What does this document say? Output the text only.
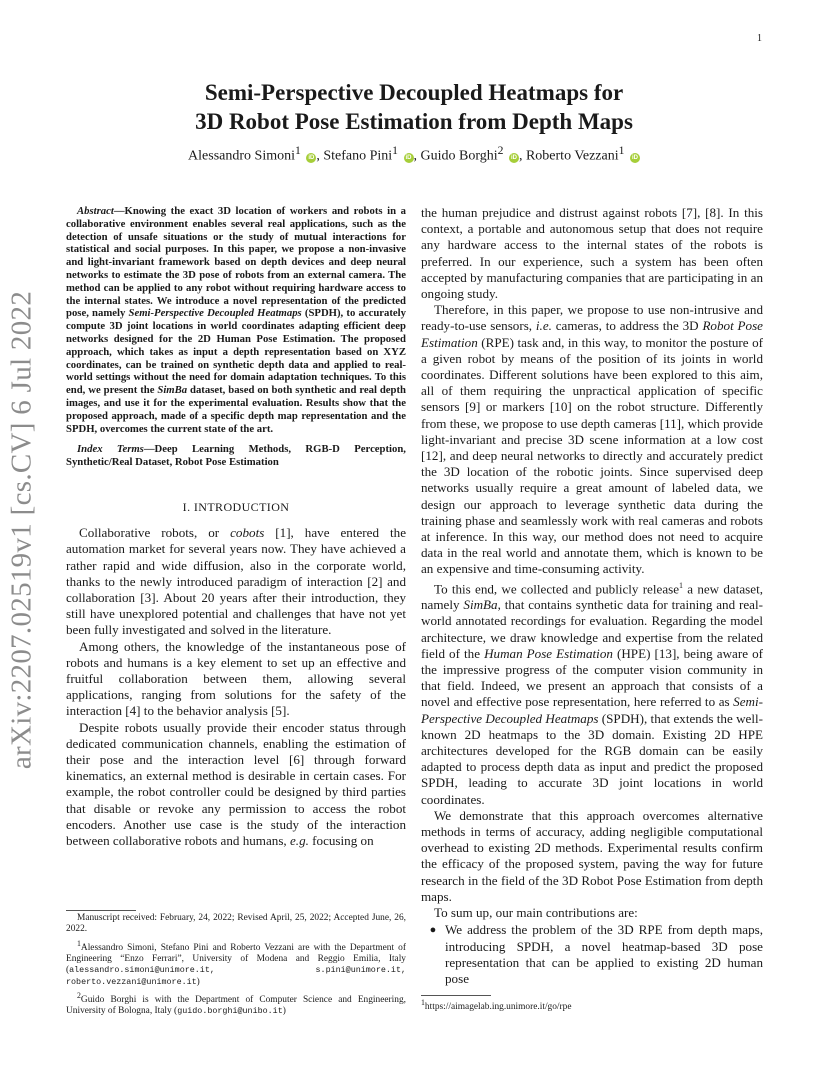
1
arXiv:2207.02519v1 [cs.CV] 6 Jul 2022
Semi-Perspective Decoupled Heatmaps for
3D Robot Pose Estimation from Depth Maps
Alessandro Simoni$^1$ iD , Stefano Pini$^1$ iD , Guido Borghi$^2$ iD , Roberto Vezzani$^1$ iD

Abstract—Knowing the exact 3D location of workers and robots in a collaborative environment enables several real applications, such as the detection of unsafe situations or the study of mutual interactions for statistical and social purposes. In this paper, we propose a non-invasive and light-invariant framework based on depth devices and deep neural networks to estimate the 3D pose of robots from an external camera. The method can be applied to any robot without requiring hardware access to the internal states. We introduce a novel representation of the predicted pose, namely Semi-Perspective Decoupled Heatmaps (SPDH), to accurately compute 3D joint locations in world coordinates adapting efficient deep networks designed for the 2D Human Pose Estimation. The proposed approach, which takes as input a depth representation based on XYZ coordinates, can be trained on synthetic depth data and applied to real-world settings without the need for domain adaptation techniques. To this end, we present the SimBa dataset, based on both synthetic and real depth images, and use it for the experimental evaluation. Results show that the proposed approach, made of a specific depth map representation and the SPDH, overcomes the current state of the art.

Index Terms—Deep Learning Methods, RGB-D Perception, Synthetic/Real Dataset, Robot Pose Estimation

I. INTRODUCTION

Collaborative robots, or cobots [1], have entered the automation market for several years now. They have achieved a rather rapid and wide diffusion, also in the corporate world, thanks to the newly introduced paradigm of interaction [2] and collaboration [3]. About 20 years after their introduction, they still have unexplored potential and challenges that have not yet been fully investigated and solved in the literature.

Among others, the knowledge of the instantaneous pose of robots and humans is a key element to set up an effective and fruitful collaboration between them, allowing several applications, ranging from solutions for the safety of the interaction [4] to the behavior analysis [5].

Despite robots usually provide their encoder status through dedicated communication channels, enabling the estimation of their pose and the interaction level [6] through forward kinematics, an external method is desirable in certain cases. For example, the robot controller could be designed by third parties that disable or revoke any permission to access the robot encoders. Another use case is the study of the interaction between collaborative robots and humans, e.g. focusing on

Manuscript received: February, 24, 2022; Revised April, 25, 2022; Accepted June, 26, 2022.

$^1$Alessandro Simoni, Stefano Pini and Roberto Vezzani are with the Department of Engineering “Enzo Ferrari”, University of Modena and Reggio Emilia, Italy (alessandro.simoni@unimore.it, s.pini@unimore.it, roberto.vezzani@unimore.it)

$^2$Guido Borghi is with the Department of Computer Science and Engineering, University of Bologna, Italy (guido.borghi@unibo.it)

the human prejudice and distrust against robots [7], [8]. In this context, a portable and autonomous setup that does not require any hardware access to the internal states of the robots is preferred. In our experience, such a system has been often accepted by manufacturing companies that are participating in an ongoing study.

Therefore, in this paper, we propose to use non-intrusive and ready-to-use sensors, i.e. cameras, to address the 3D Robot Pose Estimation (RPE) task and, in this way, to monitor the posture of a given robot by means of the position of its joints in world coordinates. Different solutions have been explored to this aim, all of them requiring the unpractical application of specific sensors [9] or markers [10] on the robot structure. Differently from these, we propose to use depth cameras [11], which provide light-invariant and precise 3D scene information at a low cost [12], and deep neural networks to directly and accurately predict the 3D location of the robotic joints. Since supervised deep networks usually require a great amount of labeled data, we design our approach to leverage synthetic data during the training phase and seamlessly work with real cameras and robots at inference. In this way, our method does not need to acquire data in the real world and annotate them, which is known to be an expensive and time-consuming activity.

To this end, we collected and publicly release$^1$ a new dataset, namely SimBa, that contains synthetic data for training and real-world annotated recordings for evaluation. Regarding the model architecture, we draw knowledge and expertise from the related field of the Human Pose Estimation (HPE) [13], being aware of the impressive progress of the computer vision community in that field. Indeed, we present an approach that consists of a novel and effective pose representation, here referred to as Semi-Perspective Decoupled Heatmaps (SPDH), that extends the well-known 2D heatmaps to the 3D domain. Existing 2D HPE architectures developed for the RGB domain can be easily adapted to process depth data as input and predict the proposed SPDH, leading to accurate 3D joint locations in world coordinates.

We demonstrate that this approach overcomes alternative methods in terms of accuracy, adding negligible computational overhead to existing 2D methods. Experimental results confirm the efficacy of the proposed system, paving the way for future research in the field of the 3D Robot Pose Estimation from depth maps.

To sum up, our main contributions are:

● We address the problem of the 3D RPE from depth maps, introducing SPDH, a novel heatmap-based 3D pose representation that can be applied to existing 2D human pose
$^1$https://aimagelab.ing.unimore.it/go/rpe
